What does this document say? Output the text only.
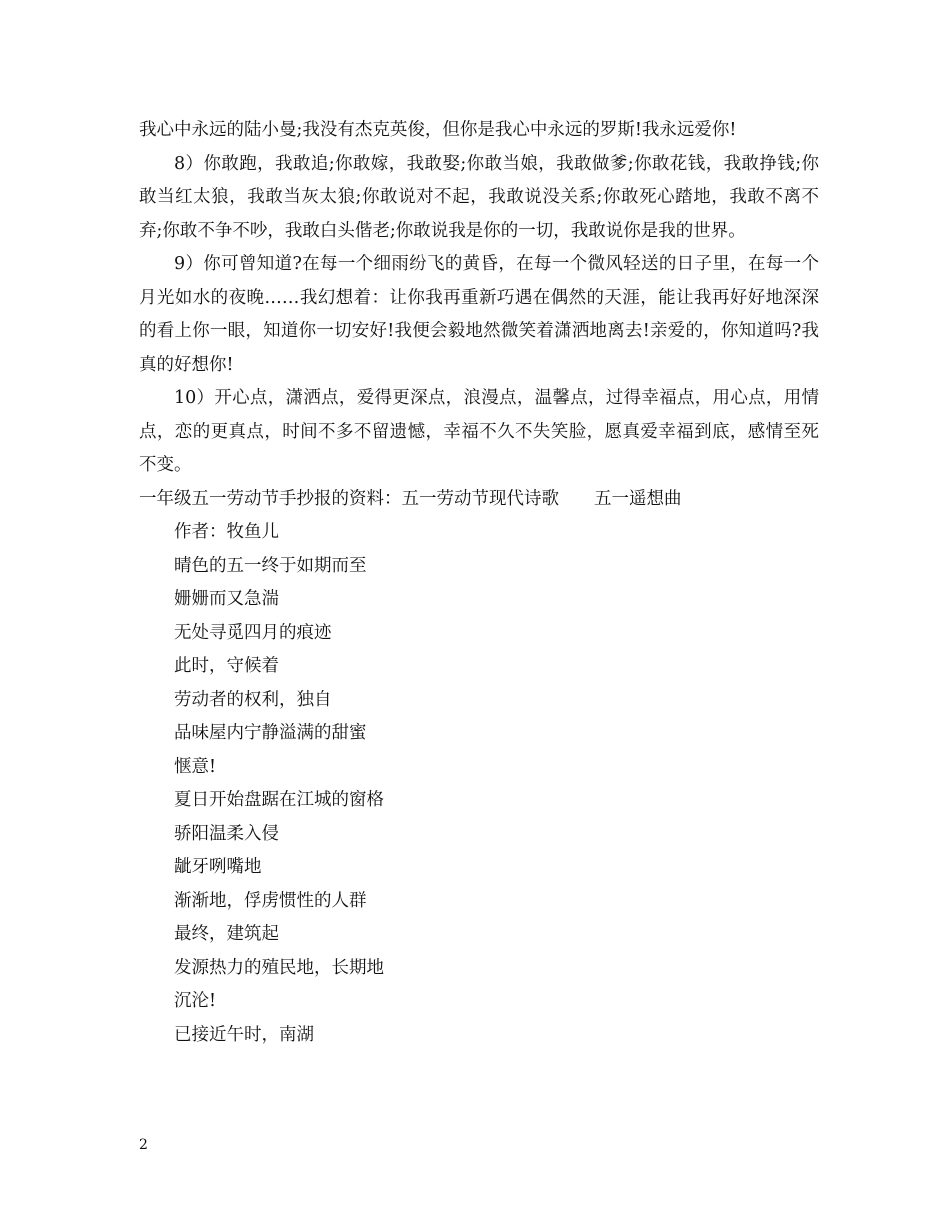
我心中永远的陆小曼;我没有杰克英俊，但你是我心中永远的罗斯!我永远爱你!

8）你敢跑，我敢追;你敢嫁，我敢娶;你敢当娘，我敢做爹;你敢花钱，我敢挣钱;你敢当红太狼，我敢当灰太狼;你敢说对不起，我敢说没关系;你敢死心踏地，我敢不离不弃;你敢不争不吵，我敢白头偕老;你敢说我是你的一切，我敢说你是我的世界。

9）你可曾知道?在每一个细雨纷飞的黄昏，在每一个微风轻送的日子里，在每一个月光如水的夜晚……我幻想着：让你我再重新巧遇在偶然的天涯，能让我再好好地深深的看上你一眼，知道你一切安好!我便会毅地然微笑着潇洒地离去!亲爱的，你知道吗?我真的好想你!

10）开心点，潇洒点，爱得更深点，浪漫点，温馨点，过得幸福点，用心点，用情点，恋的更真点，时间不多不留遗憾，幸福不久不失笑脸，愿真爱幸福到底，感情至死不变。

一年级五一劳动节手抄报的资料：五一劳动节现代诗歌　　五一遥想曲

作者：牧鱼儿

晴色的五一终于如期而至

姗姗而又急湍

无处寻觅四月的痕迹

此时，守候着

劳动者的权利，独自

品味屋内宁静溢满的甜蜜

惬意!

夏日开始盘踞在江城的窗格

骄阳温柔入侵

龇牙咧嘴地

渐渐地，俘虏惯性的人群

最终，建筑起

发源热力的殖民地，长期地

沉沦!

已接近午时，南湖

2
